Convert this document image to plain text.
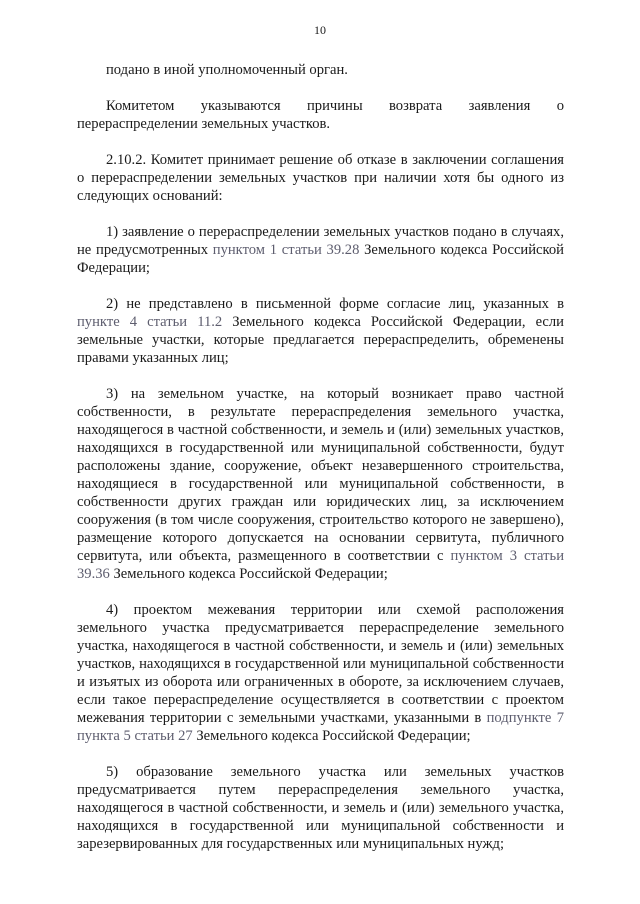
10

подано в иной уполномоченный орган.

Комитетом указываются причины возврата заявления о перераспределении земельных участков.

2.10.2. Комитет принимает решение об отказе в заключении соглашения о перераспределении земельных участков при наличии хотя бы одного из следующих оснований:

1) заявление о перераспределении земельных участков подано в случаях, не предусмотренных пунктом 1 статьи 39.28 Земельного кодекса Российской Федерации;

2) не представлено в письменной форме согласие лиц, указанных в пункте 4 статьи 11.2 Земельного кодекса Российской Федерации, если земельные участки, которые предлагается перераспределить, обременены правами указанных лиц;

3) на земельном участке, на который возникает право частной собственности, в результате перераспределения земельного участка, находящегося в частной собственности, и земель и (или) земельных участков, находящихся в государственной или муниципальной собственности, будут расположены здание, сооружение, объект незавершенного строительства, находящиеся в государственной или муниципальной собственности, в собственности других граждан или юридических лиц, за исключением сооружения (в том числе сооружения, строительство которого не завершено), размещение которого допускается на основании сервитута, публичного сервитута, или объекта, размещенного в соответствии с пунктом 3 статьи 39.36 Земельного кодекса Российской Федерации;

4) проектом межевания территории или схемой расположения земельного участка предусматривается перераспределение земельного участка, находящегося в частной собственности, и земель и (или) земельных участков, находящихся в государственной или муниципальной собственности и изъятых из оборота или ограниченных в обороте, за исключением случаев, если такое перераспределение осуществляется в соответствии с проектом межевания территории с земельными участками, указанными в подпункте 7 пункта 5 статьи 27 Земельного кодекса Российской Федерации;

5) образование земельного участка или земельных участков предусматривается путем перераспределения земельного участка, находящегося в частной собственности, и земель и (или) земельного участка, находящихся в государственной или муниципальной собственности и зарезервированных для государственных или муниципальных нужд;
